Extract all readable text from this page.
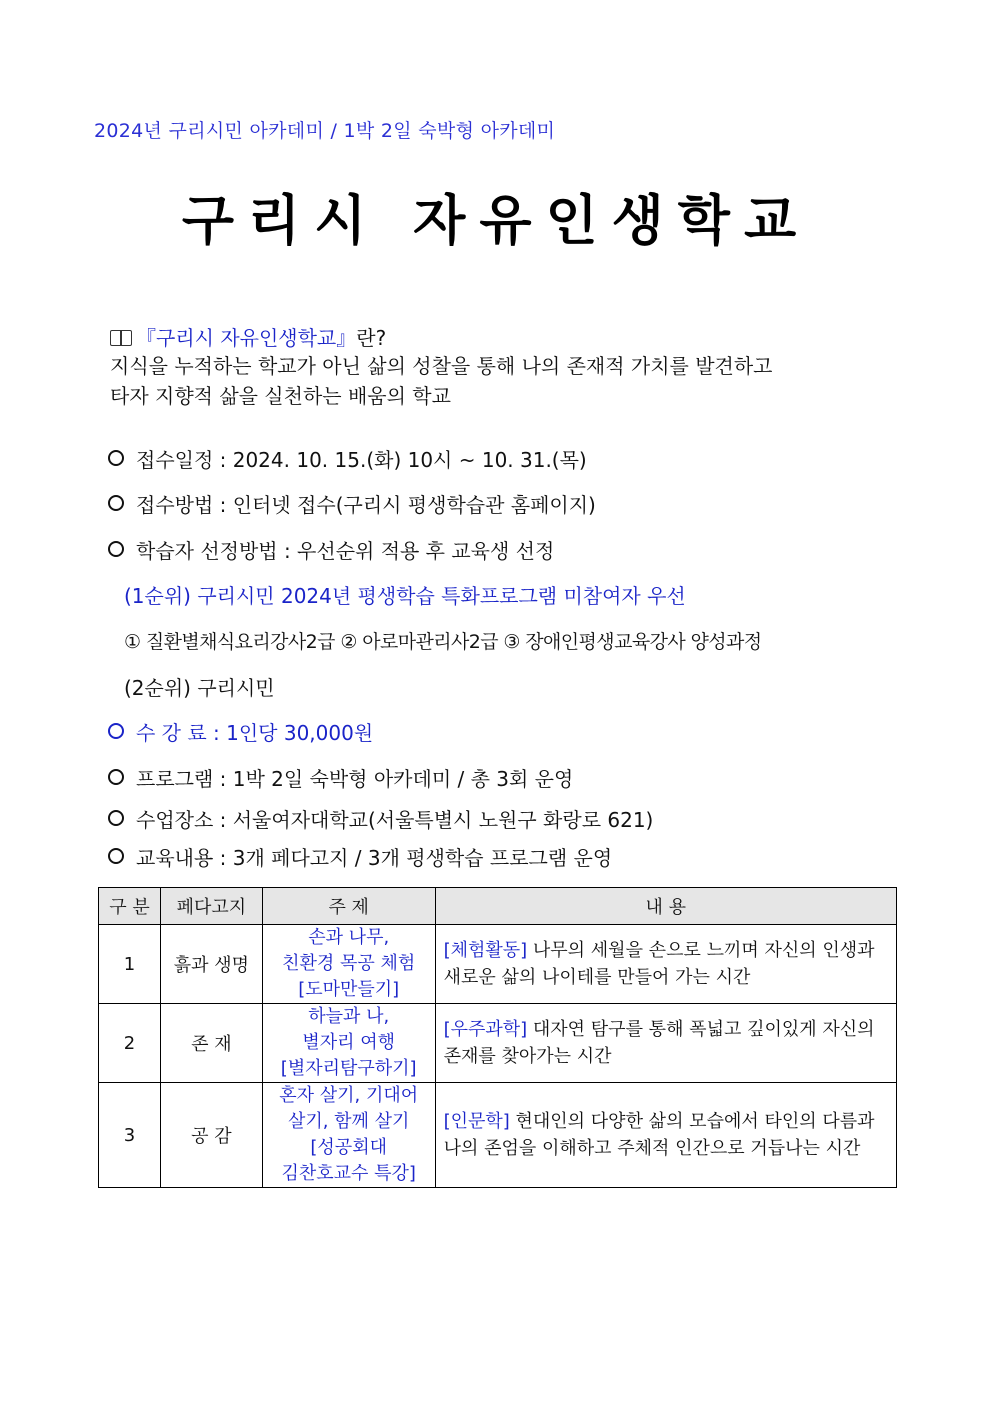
2024년 구리시민 아카데미 / 1박 2일 숙박형 아카데미
구리시 자유인생학교
『구리시 자유인생학교』란?
지식을 누적하는 학교가 아닌 삶의 성찰을 통해 나의 존재적 가치를 발견하고
타자 지향적 삶을 실천하는 배움의 학교
접수일정 : 2024. 10. 15.(화) 10시 ~ 10. 31.(목)
접수방법 : 인터넷 접수(구리시 평생학습관 홈페이지)
학습자 선정방법 : 우선순위 적용 후 교육생 선정
(1순위) 구리시민 2024년 평생학습 특화프로그램 미참여자 우선
① 질환별채식요리강사2급 ② 아로마관리사2급 ③ 장애인평생교육강사 양성과정
(2순위) 구리시민
수 강 료 : 1인당 30,000원
프로그램 : 1박 2일 숙박형 아카데미 / 총 3회 운영
수업장소 : 서울여자대학교(서울특별시 노원구 화랑로 621)
교육내용 : 3개 페다고지 / 3개 평생학습 프로그램 운영
구 분	페다고지	주 제	내 용
1	흙과 생명	손과 나무,
친환경 목공 체험
[도마만들기]	[체험활동] 나무의 세월을 손으로 느끼며 자신의 인생과 새로운 삶의 나이테를 만들어 가는 시간
2	존 재	하늘과 나,
별자리 여행
[별자리탐구하기]	[우주과학] 대자연 탐구를 통해 폭넓고 깊이있게 자신의 존재를 찾아가는 시간
3	공 감	혼자 살기, 기대어
살기, 함께 살기
[성공회대
김찬호교수 특강]	[인문학] 현대인의 다양한 삶의 모습에서 타인의 다름과 나의 존엄을 이해하고 주체적 인간으로 거듭나는 시간
